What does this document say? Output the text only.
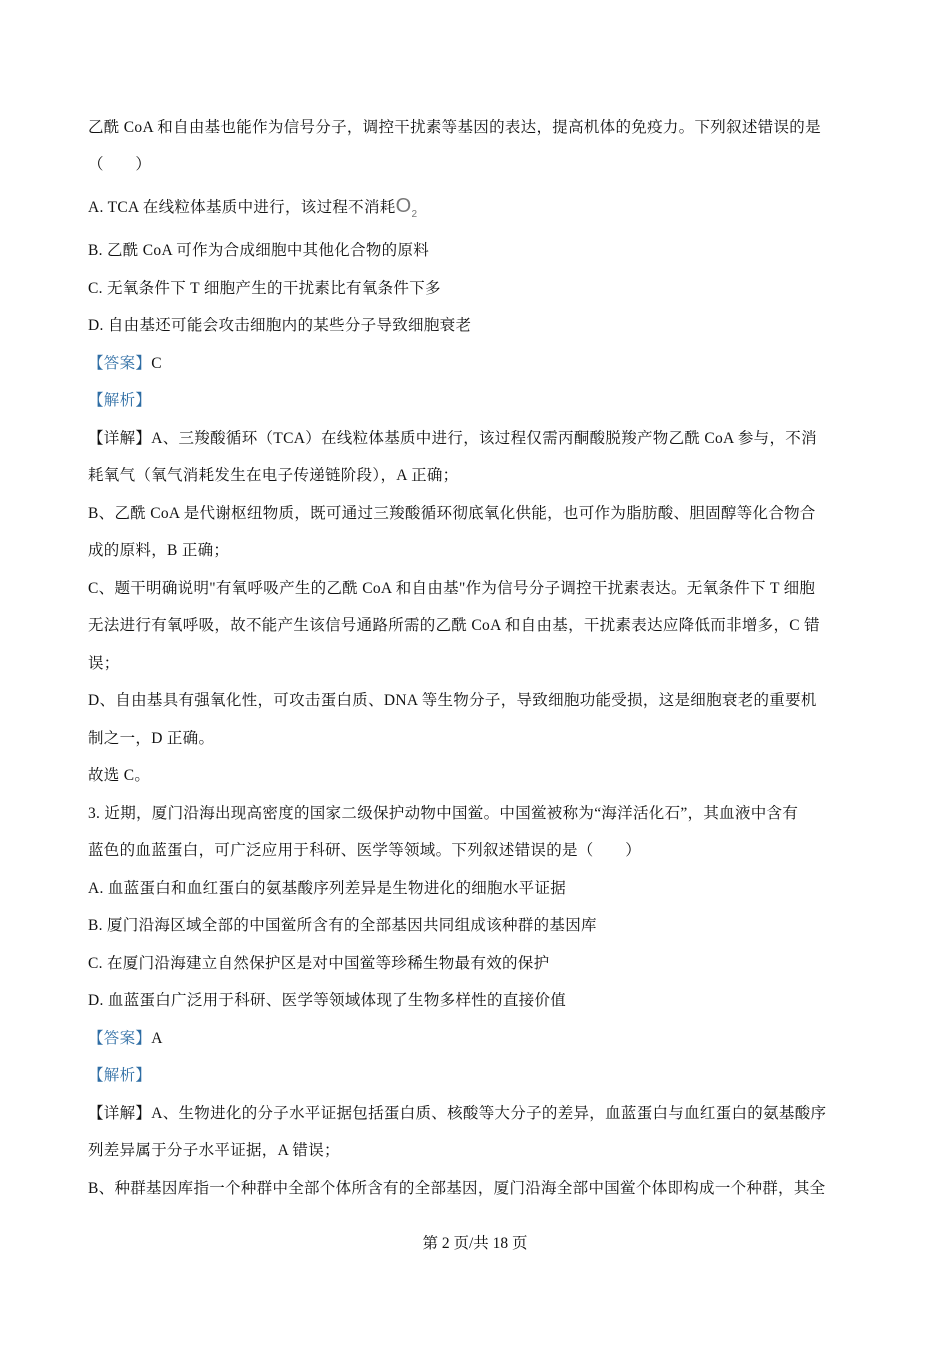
乙酰 CoA 和自由基也能作为信号分子，调控干扰素等基因的表达，提高机体的免疫力。下列叙述错误的是
（　　）
A. TCA 在线粒体基质中进行，该过程不消耗$O_2$
B. 乙酰 CoA 可作为合成细胞中其他化合物的原料
C. 无氧条件下 T 细胞产生的干扰素比有氧条件下多
D. 自由基还可能会攻击细胞内的某些分子导致细胞衰老
【答案】C
【解析】
【详解】A、三羧酸循环（TCA）在线粒体基质中进行，该过程仅需丙酮酸脱羧产物乙酰 CoA 参与，不消
耗氧气（氧气消耗发生在电子传递链阶段），A 正确；
B、乙酰 CoA 是代谢枢纽物质，既可通过三羧酸循环彻底氧化供能，也可作为脂肪酸、胆固醇等化合物合
成的原料，B 正确；
C、题干明确说明"有氧呼吸产生的乙酰 CoA 和自由基"作为信号分子调控干扰素表达。无氧条件下 T 细胞
无法进行有氧呼吸，故不能产生该信号通路所需的乙酰 CoA 和自由基，干扰素表达应降低而非增多，C 错
误；
D、自由基具有强氧化性，可攻击蛋白质、DNA 等生物分子，导致细胞功能受损，这是细胞衰老的重要机
制之一，D 正确。
故选 C。
3. 近期，厦门沿海出现高密度的国家二级保护动物中国鲎。中国鲎被称为“海洋活化石”，其血液中含有
蓝色的血蓝蛋白，可广泛应用于科研、医学等领域。下列叙述错误的是（　　）
A. 血蓝蛋白和血红蛋白的氨基酸序列差异是生物进化的细胞水平证据
B. 厦门沿海区域全部的中国鲎所含有的全部基因共同组成该种群的基因库
C. 在厦门沿海建立自然保护区是对中国鲎等珍稀生物最有效的保护
D. 血蓝蛋白广泛用于科研、医学等领域体现了生物多样性的直接价值
【答案】A
【解析】
【详解】A、生物进化的分子水平证据包括蛋白质、核酸等大分子的差异，血蓝蛋白与血红蛋白的氨基酸序
列差异属于分子水平证据，A 错误；
B、种群基因库指一个种群中全部个体所含有的全部基因，厦门沿海全部中国鲎个体即构成一个种群，其全
第 2 页/共 18 页
